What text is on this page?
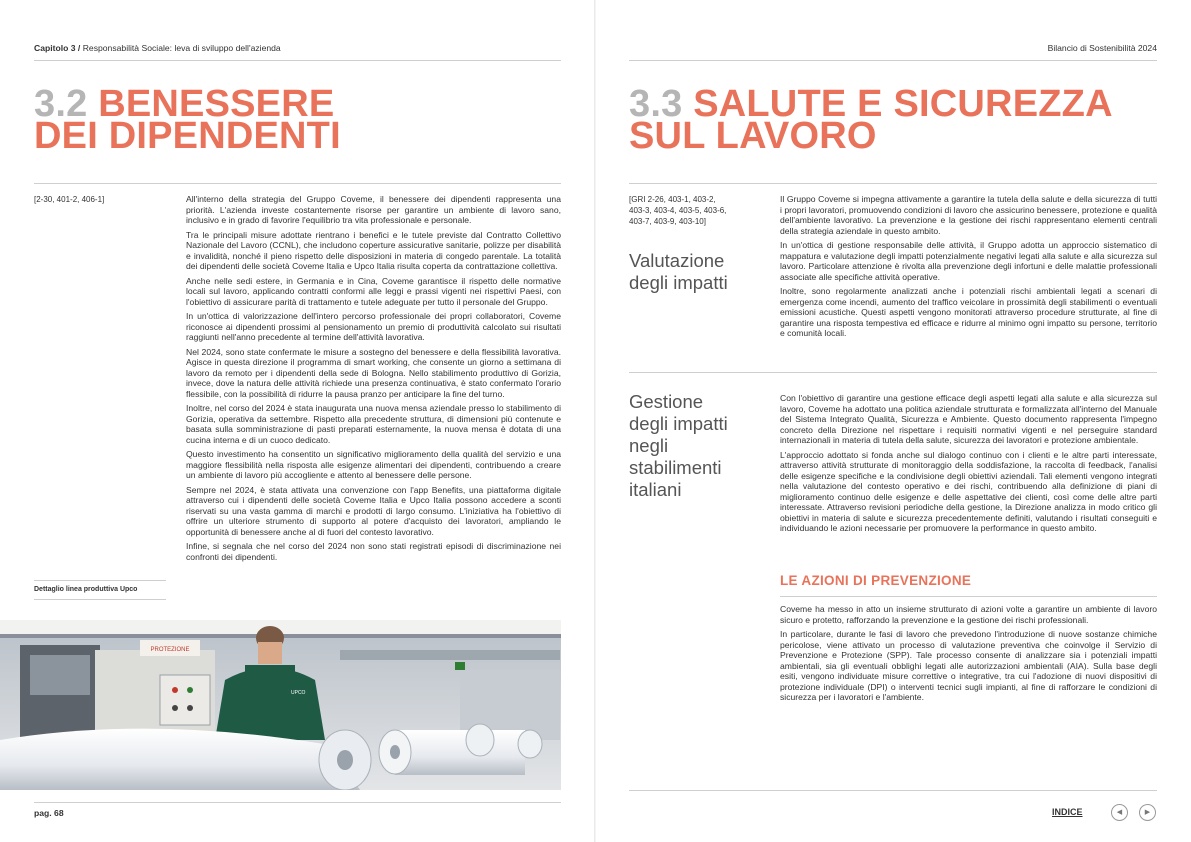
Capitolo 3 / Responsabilità Sociale: leva di sviluppo dell'azienda
3.2 BENESSERE
DEI DIPENDENTI
[2-30, 401-2, 406-1]	All'interno della strategia del Gruppo Coveme, il benessere dei dipendenti rappresenta una priorità. L'azienda investe costantemente risorse per garantire un ambiente di lavoro sano, inclusivo e in grado di favorire l'equilibrio tra vita professionale e personale.

Tra le principali misure adottate rientrano i benefici e le tutele previste dal Contratto Collettivo Nazionale del Lavoro (CCNL), che includono coperture assicurative sanitarie, polizze per disabilità e invalidità, nonché il pieno rispetto delle disposizioni in materia di congedo parentale. La totalità dei dipendenti delle società Coveme Italia e Upco Italia risulta coperta da contrattazione collettiva.

Anche nelle sedi estere, in Germania e in Cina, Coveme garantisce il rispetto delle normative locali sul lavoro, applicando contratti conformi alle leggi e prassi vigenti nei rispettivi Paesi, con l'obiettivo di assicurare parità di trattamento e tutele adeguate per tutto il personale del Gruppo.

In un'ottica di valorizzazione dell'intero percorso professionale dei propri collaboratori, Coveme riconosce ai dipendenti prossimi al pensionamento un premio di produttività calcolato sui risultati raggiunti nell'anno precedente al termine dell'attività lavorativa.

Nel 2024, sono state confermate le misure a sostegno del benessere e della flessibilità lavorativa. Agisce in questa direzione il programma di smart working, che consente un giorno a settimana di lavoro da remoto per i dipendenti della sede di Bologna. Nello stabilimento produttivo di Gorizia, invece, dove la natura delle attività richiede una presenza continuativa, è stato confermato l'orario flessibile, con la possibilità di ridurre la pausa pranzo per anticipare la fine del turno.

Inoltre, nel corso del 2024 è stata inaugurata una nuova mensa aziendale presso lo stabilimento di Gorizia, operativa da settembre. Rispetto alla precedente struttura, di dimensioni più contenute e basata sulla somministrazione di pasti preparati esternamente, la nuova mensa è dotata di una cucina interna e di un cuoco dedicato.

Questo investimento ha consentito un significativo miglioramento della qualità del servizio e una maggiore flessibilità nella risposta alle esigenze alimentari dei dipendenti, contribuendo a creare un ambiente di lavoro più accogliente e attento al benessere delle persone.

Sempre nel 2024, è stata attivata una convenzione con l'app Benefits, una piattaforma digitale attraverso cui i dipendenti delle società Coveme Italia e Upco Italia possono accedere a sconti riservati su una vasta gamma di marchi e prodotti di largo consumo. L'iniziativa ha l'obiettivo di offrire un ulteriore strumento di supporto al potere d'acquisto dei lavoratori, ampliando le opportunità di benessere anche al di fuori del contesto lavorativo.

Infine, si segnala che nel corso del 2024 non sono stati registrati episodi di discriminazione nei confronti dei dipendenti.

Dettaglio linea produttiva Upco
PROTEZIONE
UPCO
pag. 68
Bilancio di Sostenibilità 2024
3.3 SALUTE E SICUREZZA
SUL LAVORO
[GRI 2-26, 403-1, 403-2,
403-3, 403-4, 403-5, 403-6,
403-7, 403-9, 403-10]
Valutazione
degli impatti

Il Gruppo Coveme si impegna attivamente a garantire la tutela della salute e della sicurezza di tutti i propri lavoratori, promuovendo condizioni di lavoro che assicurino benessere, protezione e qualità dell'ambiente lavorativo. La prevenzione e la gestione dei rischi rappresentano elementi centrali della strategia aziendale in questo ambito.

In un'ottica di gestione responsabile delle attività, il Gruppo adotta un approccio sistematico di mappatura e valutazione degli impatti potenzialmente negativi legati alla salute e alla sicurezza sul lavoro. Particolare attenzione è rivolta alla prevenzione degli infortuni e delle malattie professionali associate alle specifiche attività operative.

Inoltre, sono regolarmente analizzati anche i potenziali rischi ambientali legati a scenari di emergenza come incendi, aumento del traffico veicolare in prossimità degli stabilimenti o eventuali emissioni acustiche. Questi aspetti vengono monitorati attraverso procedure strutturate, al fine di garantire una risposta tempestiva ed efficace e ridurre al minimo ogni impatto su persone, territorio e comunità locali.

Gestione
degli impatti
negli
stabilimenti
italiani

Con l'obiettivo di garantire una gestione efficace degli aspetti legati alla salute e alla sicurezza sul lavoro, Coveme ha adottato una politica aziendale strutturata e formalizzata all'interno del Manuale del Sistema Integrato Qualità, Sicurezza e Ambiente. Questo documento rappresenta l'impegno concreto della Direzione nel rispettare i requisiti normativi vigenti e nel perseguire standard internazionali in materia di tutela della salute, sicurezza dei lavoratori e protezione ambientale.

L'approccio adottato si fonda anche sul dialogo continuo con i clienti e le altre parti interessate, attraverso attività strutturate di monitoraggio della soddisfazione, la raccolta di feedback, l'analisi delle esigenze specifiche e la condivisione degli obiettivi aziendali. Tali elementi vengono integrati nella valutazione del contesto operativo e dei rischi, contribuendo alla definizione di piani di miglioramento continuo delle esigenze e delle aspettative dei clienti, così come delle altre parti interessate. Attraverso revisioni periodiche della gestione, la Direzione analizza in modo critico gli obiettivi in materia di salute e sicurezza precedentemente definiti, valutando i risultati conseguiti e individuando le azioni necessarie per promuovere la performance in questo ambito.

LE AZIONI DI PREVENZIONE

Coveme ha messo in atto un insieme strutturato di azioni volte a garantire un ambiente di lavoro sicuro e protetto, rafforzando la prevenzione e la gestione dei rischi professionali.

In particolare, durante le fasi di lavoro che prevedono l'introduzione di nuove sostanze chimiche pericolose, viene attivato un processo di valutazione preventiva che coinvolge il Servizio di Prevenzione e Protezione (SPP). Tale processo consente di analizzare sia i potenziali impatti ambientali, sia gli eventuali obblighi legati alle autorizzazioni ambientali (AIA). Sulla base degli esiti, vengono individuate misure correttive o integrative, tra cui l'adozione di nuovi dispositivi di protezione individuale (DPI) o interventi tecnici sugli impianti, al fine di rafforzare le condizioni di sicurezza per i lavoratori e l'ambiente.

INDICE	◀	▶
